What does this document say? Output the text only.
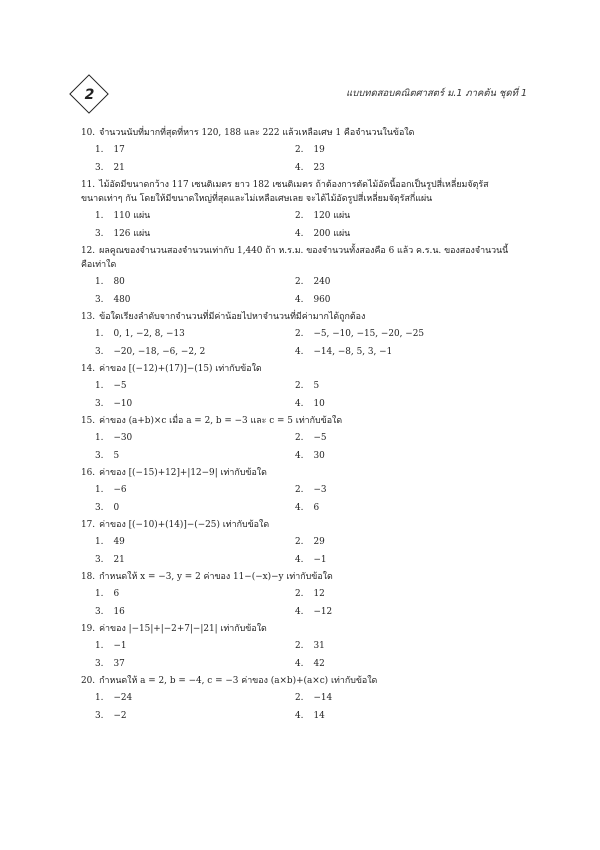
2	แบบทดสอบคณิตศาสตร์ ม.1 ภาคต้น ชุดที่ 1
10. จำนวนนับที่มากที่สุดที่หาร 120, 188 และ 222 แล้วเหลือเศษ 1 คือจำนวนในข้อใด
1. 17	2. 19
3. 21	4. 23
11. ไม้อัดมีขนาดกว้าง 117 เซนติเมตร ยาว 182 เซนติเมตร ถ้าต้องการตัดไม้อัดนี้ออกเป็นรูปสี่เหลี่ยมจัตุรัส
ขนาดเท่าๆ กัน โดยให้มีขนาดใหญ่ที่สุดและไม่เหลือเศษเลย จะได้ไม้อัดรูปสี่เหลี่ยมจัตุรัสกี่แผ่น
1. 110 แผ่น	2. 120 แผ่น
3. 126 แผ่น	4. 200 แผ่น
12. ผลคูณของจำนวนสองจำนวนเท่ากับ 1,440 ถ้า ห.ร.ม. ของจำนวนทั้งสองคือ 6 แล้ว ค.ร.น. ของสองจำนวนนี้
คือเท่าใด
1. 80	2. 240
3. 480	4. 960
13. ข้อใดเรียงลำดับจากจำนวนที่มีค่าน้อยไปหาจำนวนที่มีค่ามากได้ถูกต้อง
1. 0, 1, −2, 8, −13	2. −5, −10, −15, −20, −25
3. −20, −18, −6, −2, 2	4. −14, −8, 5, 3, −1
14. ค่าของ [(−12)+(17)]−(15) เท่ากับข้อใด
1. −5	2. 5
3. −10	4. 10
15. ค่าของ (a+b)×c เมื่อ a = 2, b = −3 และ c = 5 เท่ากับข้อใด
1. −30	2. −5
3. 5	4. 30
16. ค่าของ [(−15)+12]+|12−9| เท่ากับข้อใด
1. −6	2. −3
3. 0	4. 6
17. ค่าของ [(−10)+(14)]−(−25) เท่ากับข้อใด
1. 49	2. 29
3. 21	4. −1
18. กำหนดให้ x = −3, y = 2 ค่าของ 11−(−x)−y เท่ากับข้อใด
1. 6	2. 12
3. 16	4. −12
19. ค่าของ |−15|+|−2+7|−|21| เท่ากับข้อใด
1. −1	2. 31
3. 37	4. 42
20. กำหนดให้ a = 2, b = −4, c = −3 ค่าของ (a×b)+(a×c) เท่ากับข้อใด
1. −24	2. −14
3. −2	4. 14
